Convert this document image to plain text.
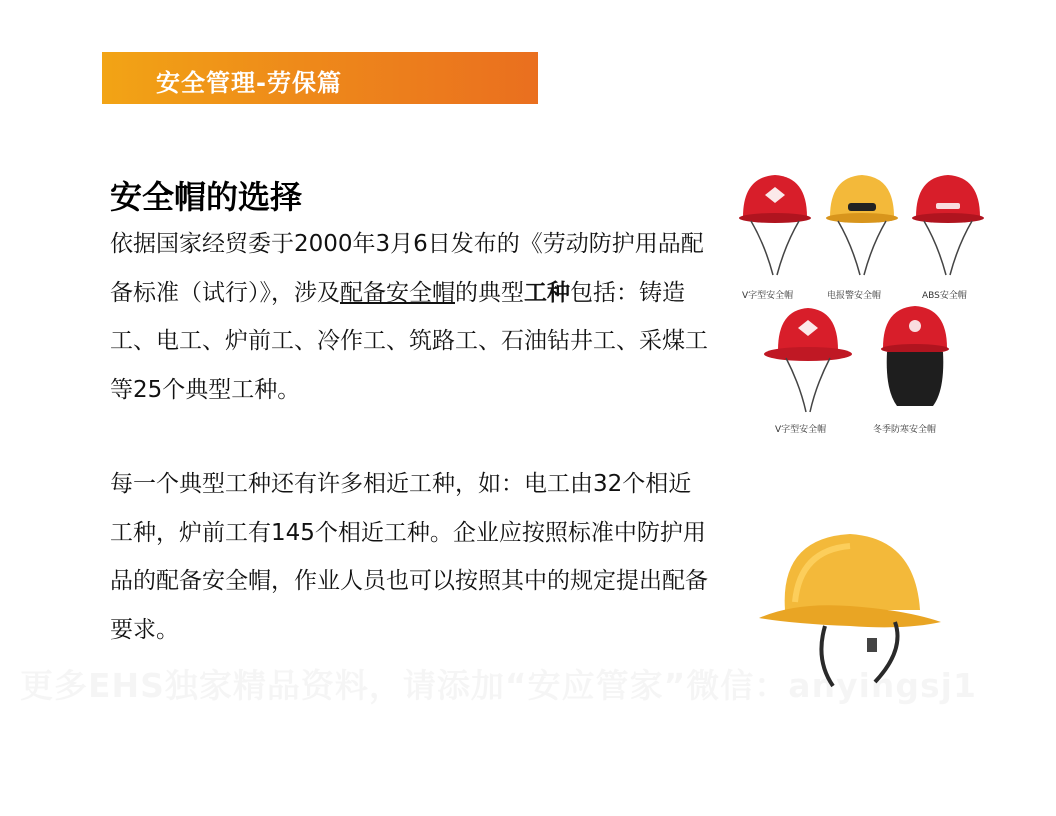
安全管理-劳保篇
安全帽的选择
依据国家经贸委于2000年3月6日发布的《劳动防护用品配备标准（试行）》，涉及配备安全帽的典型工种包括：铸造工、电工、炉前工、冷作工、筑路工、石油钻井工、采煤工等25个典型工种。
每一个典型工种还有许多相近工种，如：电工由32个相近工种，炉前工有145个相近工种。企业应按照标准中防护用品的配备安全帽，作业人员也可以按照其中的规定提出配备要求。
V字型安全帽	电报警安全帽	ABS安全帽
V字型安全帽	冬季防寒安全帽
